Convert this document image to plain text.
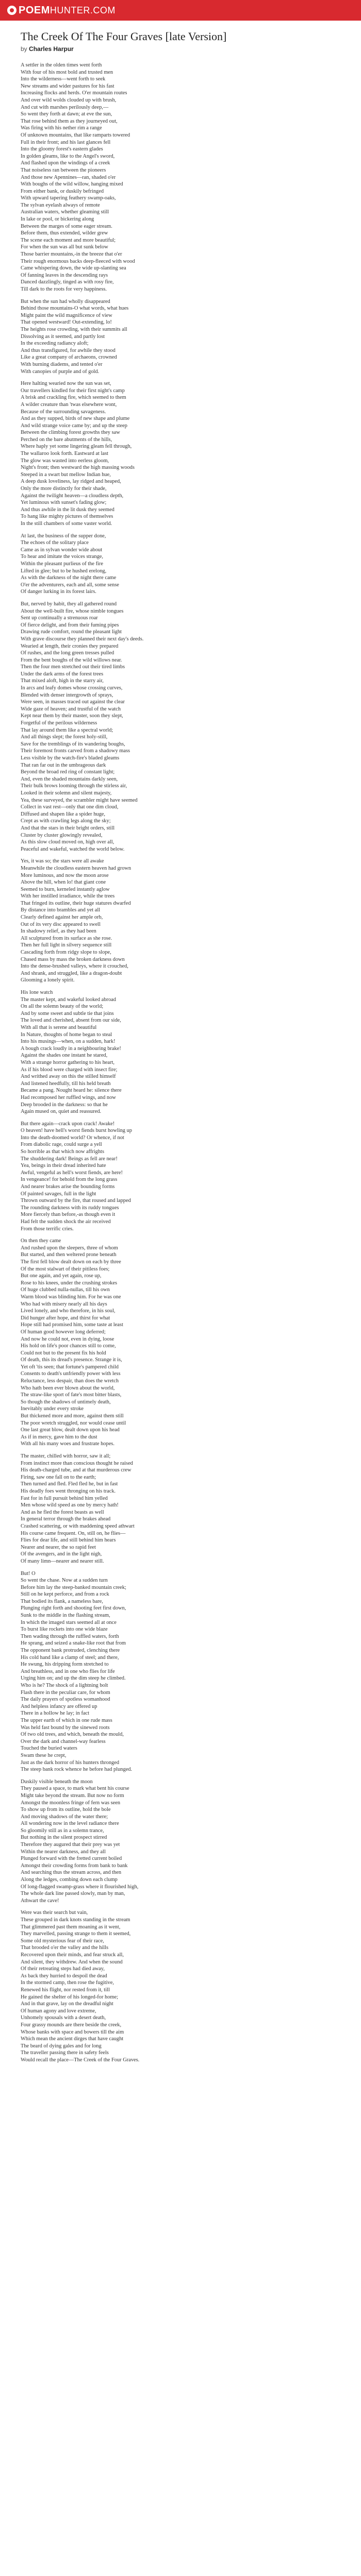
POEM HUNTER.COM
The Creek Of The Four Graves [late Version]

by Charles Harpur

A settler in the olden times went forth
With four of his most bold and trusted men
Into the wilderness—went forth to seek
New streams and wider pastures for his fast
Increasing flocks and herds. O'er mountain routes
And over wild wolds clouded up with brush,
And cut with marshes perilously deep,—
So went they forth at dawn; at eve the sun,
That rose behind them as they journeyed out,
Was firing with his nether rim a range
Of unknown mountains, that like ramparts towered
Full in their front; and his last glances fell
Into the gloomy forest's eastern glades
In golden gleams, like to the Angel's sword,
And flashed upon the windings of a creek
That noiseless ran between the pioneers
And those new Apennines—ran, shaded o'er
With boughs of the wild willow, hanging mixed
From either bank, or duskily befringed
With upward tapering feathery swamp-oaks,
The sylvan eyelash always of remote
Australian waters, whether gleaming still
In lake or pool, or bickering along
Between the marges of some eager stream.
Before them, thus extended, wilder grew
The scene each moment and more beautiful;
For when the sun was all but sunk below
Those barrier mountains,-in the breeze that o'er
Their rough enormous backs deep-fleeced with wood
Came whispering down, the wide up-slanting sea
Of fanning leaves in the descending rays
Danced dazzlingly, tinged as with rosy fire,
Till dark to the roots for very happiness.
But when the sun had wholly disappeared
Behind those mountains-O what words, what hues
Might paint the wild magnificence of view
That opened westward! Out-extending, lo!
The heights rose crowding, with their summits all
Dissolving as it seemed, and partly lost
In the exceeding radiancy aloft;
And thus transfigured, for awhile they stood
Like a great company of archaeons, crowned
With burning diadems, and tented o'er
With canopies of purple and of gold.
Here halting wearied now the sun was set,
Our travellers kindled for their first night's camp
A brisk and crackling fire, which seemed to them
A wilder creature than 'twas elsewhere wont,
Because of the surrounding savageness.
And as they supped, birds of new shape and plume
And wild strange voice came by; and up the steep
Between the climbing forest growths they saw
Perched on the bare abutments of the hills,
Where haply yet some lingering gleam fell through,
The wallaroo look forth. Eastward at last
The glow was wasted into eerless gloom,
Night's front; then westward the high massing woods
Steeped in a swart but mellow Indian hue,
A deep dusk loveliness, lay ridged and heaped,
Only the more distinctly for their shade,
Against the twilight heaven—a cloudless depth,
Yet luminous with sunset's fading glow;
And thus awhile in the lit dusk they seemed
To hang like mighty pictures of themselves
In the still chambers of some vaster world.
At last, the business of the supper done,
The echoes of the solitary place
Came as in sylvan wonder wide about
To hear and imitate the voices strange,
Within the pleasant purlieus of the fire
Lifted in glee; but to be hushed erelong,
As with the darkness of the night there came
O'er the adventurers, each and all, some sense
Of danger lurking in its forest lairs.
But, nerved by habit, they all gathered round
About the well-built fire, whose nimble tongues
Sent up continually a strenuous roar
Of fierce delight, and from their fuming pipes
Drawing rude comfort, round the pleasant light
With grave discourse they planned their next day's deeds.
Wearied at length, their cronies they prepared
Of rushes, and the long green tresses pulled
From the bent boughs of the wild willows near.
Then the four men stretched out their tired limbs
Under the dark arms of the forest trees
That mixed aloft, high in the starry air,
In arcs and leafy domes whose crossing curves,
Blended with denser intergrowth of sprays,
Were seen, in masses traced out against the clear
Wide gaze of heaven; and trustful of the watch
Kept near them by their master, soon they slept,
Forgetful of the perilous wilderness
That lay around them like a spectral world;
And all things slept; the forest holy-still,
Save for the tremblings of its wandering boughs,
Their foremost fronts carved from a shadowy mass
Less visible by the watch-fire's bladed gleams
That ran far out in the umbrageous dark
Beyond the broad red ring of constant light;
And, even the shaded mountains darkly seen,
Their bulk brows looming through the stirless air,
Looked in their solemn and silent majesty,
Yea, these surveyed, the scrambler might have seemed
Collect in vast rest—only that one dim cloud,
Diffused and shapen like a spider huge,
Crept as with crawling legs along the sky;
And that the stars in their bright orders, still
Cluster by cluster glowingly revealed,
As this slow cloud moved on, high over all,
Peaceful and wakeful, watched the world below.
Yes, it was so; the stars were all awake
Meanwhile the cloudless eastern heaven had grown
More luminous, and now the moon arose
Above the hill, when lo! that giant cone
Seemed to burn, kerneled instantly aglow
With her instilled irradiance, while the trees
That fringed its outline, their huge statures dwarfed
By distance into brambles and yet all
Clearly defined against her ample orb,
Out of its very disc appeared to swell
In shadowy relief, as they had been
All sculptured from its surface as she rose.
Then her full light in silvery sequence still
Cascading forth from ridgy slope to slope,
Chased mass by mass the broken darkness down
Into the dense-brushed valleys, where it crouched,
And shrank, and struggled, like a dragon-doubt
Glooming a lonely spirit.
His lone watch
The master kept, and wakeful looked abroad
On all the solemn beauty of the world;
And by some sweet and subtle tie that joins
The loved and cherished, absent from our side,
With all that is serene and beautiful
In Nature, thoughts of home began to steal
Into his musings—when, on a sudden, hark!
A bough crack loudly in a neighbouring brake!
Against the shades one instant he stared,
With a strange horror gathering to his heart,
As if his blood were charged with insect fire;
And writhed away on this the stilled himself
And listened heedfully, till his held breath
Became a pang. Nought heard he: silence there
Had recomposed her ruffled wings, and now
Deep brooded in the darkness: so that he
Again mused on, quiet and reassured.
But there again—crack upon crack! Awake!
O heaven! have hell's worst fiends burst howling up
Into the death-doomed world? Or whence, if not
From diabolic rage, could surge a yell
So horrible as that which now affrights
The shuddering dark! Beings as fell are near!
Yea, beings in their dread inherited hate
Awful, vengeful as hell's worst fiends, are here!
In vengeance! for behold from the long grass
And nearer brakes arise the bounding forms
Of painted savages, full in the light
Thrown outward by the fire, that roused and lapped
The rounding darkness with its ruddy tongues
More fiercely than before,-as though even it
Had felt the sudden shock the air received
From those terrific cries.
On then they came
And rushed upon the sleepers, three of whom
But started, and then weltered prone beneath
The first fell blow dealt down on each by three
Of the most stalwart of their pitiless foes;
But one again, and yet again, rose up,
Rose to his knees, under the crushing strokes
Of huge clubbed nulla-nullas, till his own
Warm blood was blinding him. For he was one
Who had with misery nearly all his days
Lived lonely, and who therefore, in his soul,
Did hunger after hope, and thirst for what
Hope still had promised him, some taste at least
Of human good however long deferred;
And now he could not, even in dying, loose
His hold on life's poor chances still to come,
Could not but to the present fix his hold
Of death, this its dread's presence. Strange it is,
Yet oft 'tis seen; that fortune's pampered child
Consents to death's unfriendly power with less
Reluctance, less despair, than does the wretch
Who hath been ever blown about the world,
The straw-like sport of fate's most bitter blasts,
So though the shadows of untimely death,
Inevitably under every stroke
But thickened more and more, against them still
The poor wretch struggled, nor would cease until
One last great blow, dealt down upon his head
As if in mercy, gave him to the dust
With all his many woes and frustrate hopes.
The master, chilled with horror, saw it all;
From instinct more than conscious thought he raised
His death-charged tube, and at that murderous crew
Firing, saw one fall on to the earth;
Then turned and fled. Fled fled he, but in fast
His deadly foes went thronging on his track.
Fast for in full pursuit behind him yelled
Men whose wild speed as one by mercy hath!
And as he fled the forest beasts as well
In general terror through the brakes ahead
Crashed scattering, or with maddening speed athwart
His course came frequent. On, still on, he flies—
Flies for dear life, and still behind him hears
Nearer and nearer, the so rapid feet
Of the avengers, and in the light nigh,
Of many limn—nearer and nearer still.
But! O
So went the chase. Now at a sudden turn
Before him lay the steep-banked mountain creek;
Still on he kept perforce, and from a rock
That bodied its flank, a nameless bare,
Plunging right forth and shooting feet first down,
Sunk to the middle in the flashing stream,
In which the imaged stars seemed all at once
To burst like rockets into one wide blaze
Then wading through the ruffled waters, forth
He sprang, and seized a snake-like root that from
The opponent bank protruded, clenching there
His cold hand like a clamp of steel; and there,
He swung, his dripping form stretched to
And breathless, and in one who flies for life
Urging him on; and up the dim steep he climbed.
Who is he? The shock of a lightning bolt
Flash there in the peculiar care, for whom
The daily prayers of spotless womanhood
And helpless infancy are offered up
There in a hollow he lay; in fact
The upper earth of which in one rude mass
Was held fast bound by the sinewed roots
Of two old trees, and which, beneath the mould,
Over the dark and channel-way fearless
Touched the buried waters
Swam these he crept,
Just as the dark horror of his hunters thronged
The steep bank rock whence he before had plunged.
Duskily visible beneath the moon
They paused a space, to mark what bent his course
Might take beyond the stream. But now no form
Amongst the moonless fringe of fern was seen
To show up from its outline, hold the bole
And moving shadows of the water there;
All wondering now in the level radiance there
So gloomily still as in a solemn trance,
But nothing in the silent prospect stirred
Therefore they augured that their prey was yet
Within the nearer darkness, and they all
Plunged forward with the fretted current boiled
Amongst their crowding forms from bank to bank
And searching thus the stream across, and then
Along the ledges, combing down each clump
Of long-flagged swamp-grass where it flourished high,
The whole dark line passed slowly, man by man,
Athwart the cave!
Were was their search but vain,
These grouped in dark knots standing in the stream
That glimmered past them moaning as it went,
They marvelled, passing strange to them it seemed,
Some old mysterious fear of their race,
That brooded o'er the valley and the hills
Recovered upon their minds, and fear struck all,
And silent, they withdrew. And when the sound
Of their retreating steps had died away,
As back they hurried to despoil the dead
In the stormed camp, then rose the fugitive,
Renewed his flight, nor rested from it, till
He gained the shelter of his longed-for home;
And in that grave, lay on the dreadful night
Of human agony and love extreme,
Unhomely spousals with a desert death,
Four grassy mounds are there beside the creek,
Whose banks with space and bowers till the aim
Which mean the ancient dirges that have caught
The beard of dying gales and for long
The traveller passing there in safety feels
Would recall the place—The Creek of the Four Graves.
